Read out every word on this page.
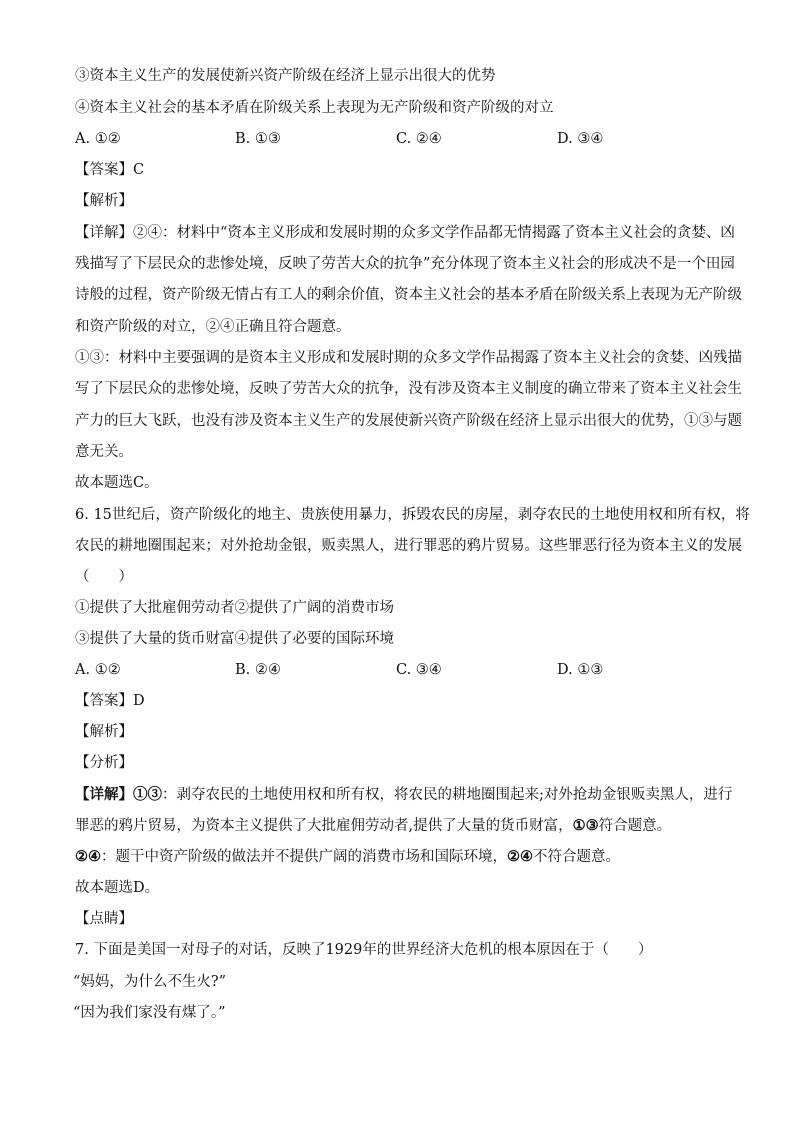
③资本主义生产的发展使新兴资产阶级在经济上显示出很大的优势
④资本主义社会的基本矛盾在阶级关系上表现为无产阶级和资产阶级的对立
A. ①②	B. ①③	C. ②④	D. ③④
【答案】C
【解析】
【详解】②④：材料中“资本主义形成和发展时期的众多文学作品都无情揭露了资本主义社会的贪婪、凶
残描写了下层民众的悲惨处境，反映了劳苦大众的抗争”充分体现了资本主义社会的形成决不是一个田园
诗般的过程，资产阶级无情占有工人的剩余价值，资本主义社会的基本矛盾在阶级关系上表现为无产阶级
和资产阶级的对立，②④正确且符合题意。
①③：材料中主要强调的是资本主义形成和发展时期的众多文学作品揭露了资本主义社会的贪婪、凶残描
写了下层民众的悲惨处境，反映了劳苦大众的抗争，没有涉及资本主义制度的确立带来了资本主义社会生
产力的巨大飞跃，也没有涉及资本主义生产的发展使新兴资产阶级在经济上显示出很大的优势，①③与题
意无关。
故本题选C。
6. 15世纪后，资产阶级化的地主、贵族使用暴力，拆毁农民的房屋，剥夺农民的土地使用权和所有权，将
农民的耕地圈围起来；对外抢劫金银，贩卖黑人，进行罪恶的鸦片贸易。这些罪恶行径为资本主义的发展
（　　）
①提供了大批雇佣劳动者②提供了广阔的消费市场
③提供了大量的货币财富④提供了必要的国际环境
A. ①②	B. ②④	C. ③④	D. ①③
【答案】D
【解析】
【分析】
【详解】①③：剥夺农民的土地使用权和所有权，将农民的耕地圈围起来;对外抢劫金银贩卖黑人，进行
罪恶的鸦片贸易，为资本主义提供了大批雇佣劳动者,提供了大量的货币财富，①③符合题意。
②④：题干中资产阶级的做法并不提供广阔的消费市场和国际环境，②④不符合题意。
故本题选D。
【点睛】
7. 下面是美国一对母子的对话，反映了1929年的世界经济大危机的根本原因在于（　　）
“妈妈，为什么不生火?”
“因为我们家没有煤了。”
